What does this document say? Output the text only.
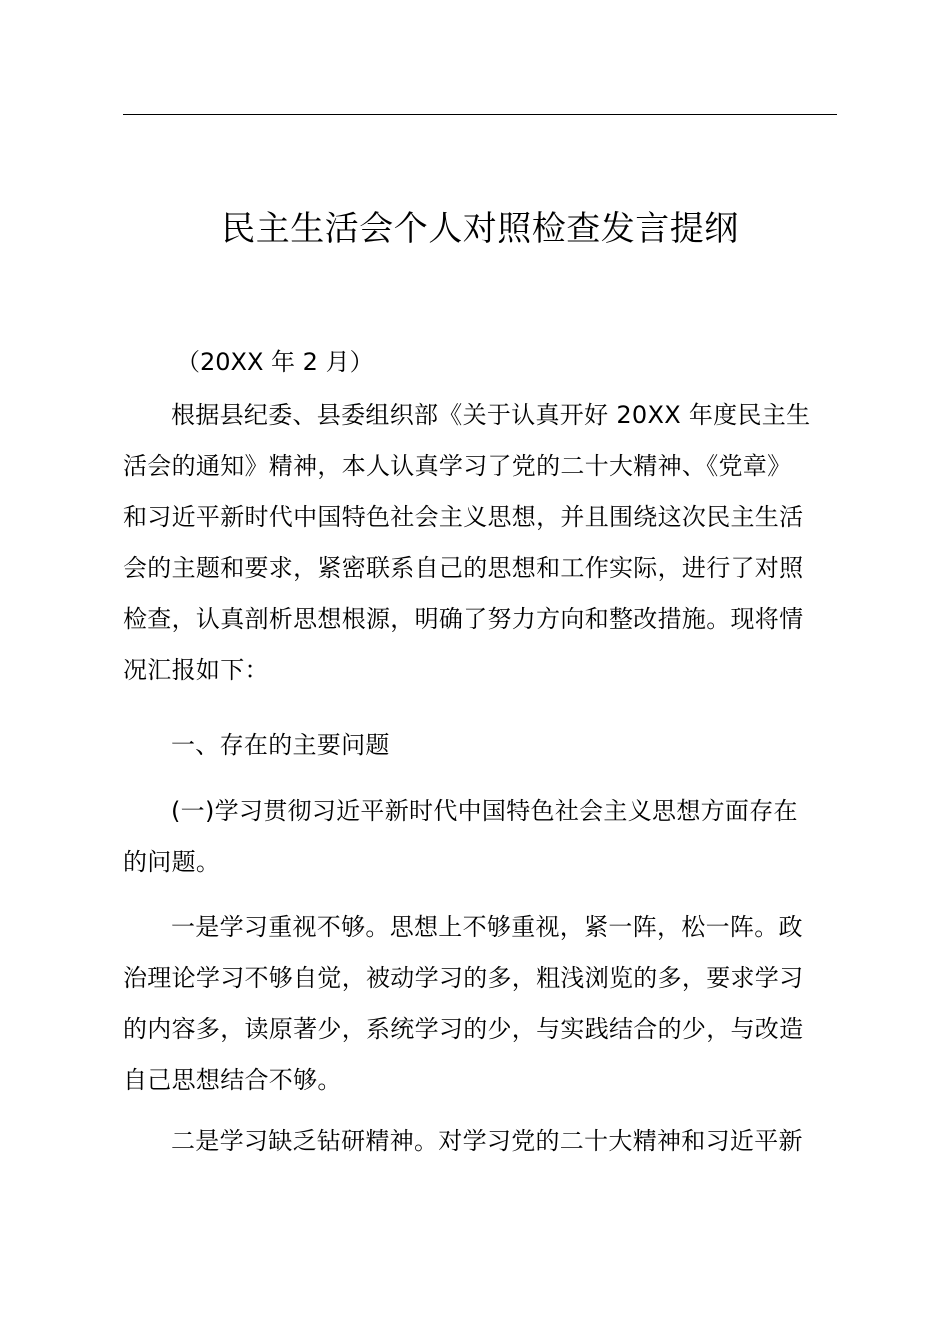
民主生活会个人对照检查发言提纲

（20XX 年 2 月）

根据县纪委、县委组织部《关于认真开好 20XX 年度民主生
活会的通知》精神，本人认真学习了党的二十大精神、《党章》
和习近平新时代中国特色社会主义思想，并且围绕这次民主生活
会的主题和要求，紧密联系自己的思想和工作实际，进行了对照
检查，认真剖析思想根源，明确了努力方向和整改措施。现将情
况汇报如下：
一、存在的主要问题
(一)学习贯彻习近平新时代中国特色社会主义思想方面存在
的问题。
一是学习重视不够。思想上不够重视，紧一阵，松一阵。政
治理论学习不够自觉，被动学习的多，粗浅浏览的多，要求学习
的内容多，读原著少，系统学习的少，与实践结合的少，与改造
自己思想结合不够。
二是学习缺乏钻研精神。对学习党的二十大精神和习近平新
